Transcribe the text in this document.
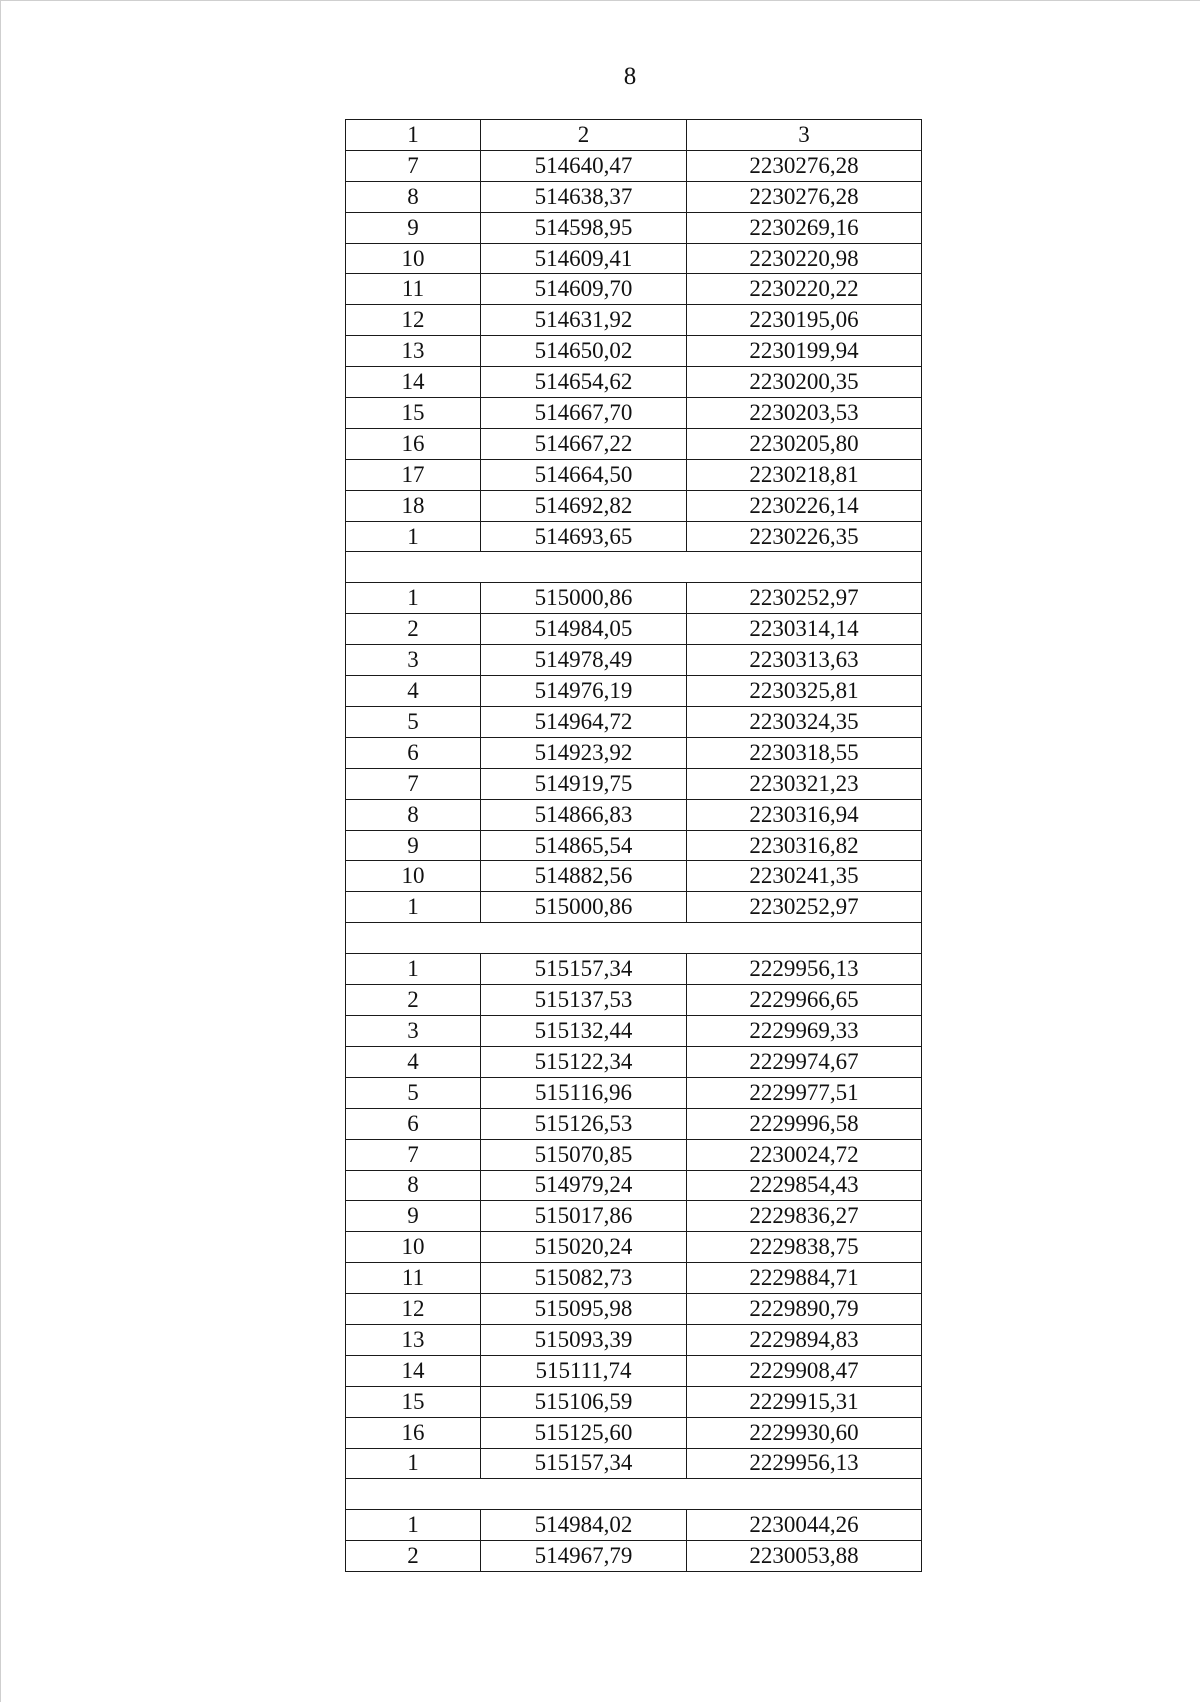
8
1	2	3
7	514640,47	2230276,28
8	514638,37	2230276,28
9	514598,95	2230269,16
10	514609,41	2230220,98
11	514609,70	2230220,22
12	514631,92	2230195,06
13	514650,02	2230199,94
14	514654,62	2230200,35
15	514667,70	2230203,53
16	514667,22	2230205,80
17	514664,50	2230218,81
18	514692,82	2230226,14
1	514693,65	2230226,35

1	515000,86	2230252,97
2	514984,05	2230314,14
3	514978,49	2230313,63
4	514976,19	2230325,81
5	514964,72	2230324,35
6	514923,92	2230318,55
7	514919,75	2230321,23
8	514866,83	2230316,94
9	514865,54	2230316,82
10	514882,56	2230241,35
1	515000,86	2230252,97

1	515157,34	2229956,13
2	515137,53	2229966,65
3	515132,44	2229969,33
4	515122,34	2229974,67
5	515116,96	2229977,51
6	515126,53	2229996,58
7	515070,85	2230024,72
8	514979,24	2229854,43
9	515017,86	2229836,27
10	515020,24	2229838,75
11	515082,73	2229884,71
12	515095,98	2229890,79
13	515093,39	2229894,83
14	515111,74	2229908,47
15	515106,59	2229915,31
16	515125,60	2229930,60
1	515157,34	2229956,13

1	514984,02	2230044,26
2	514967,79	2230053,88
